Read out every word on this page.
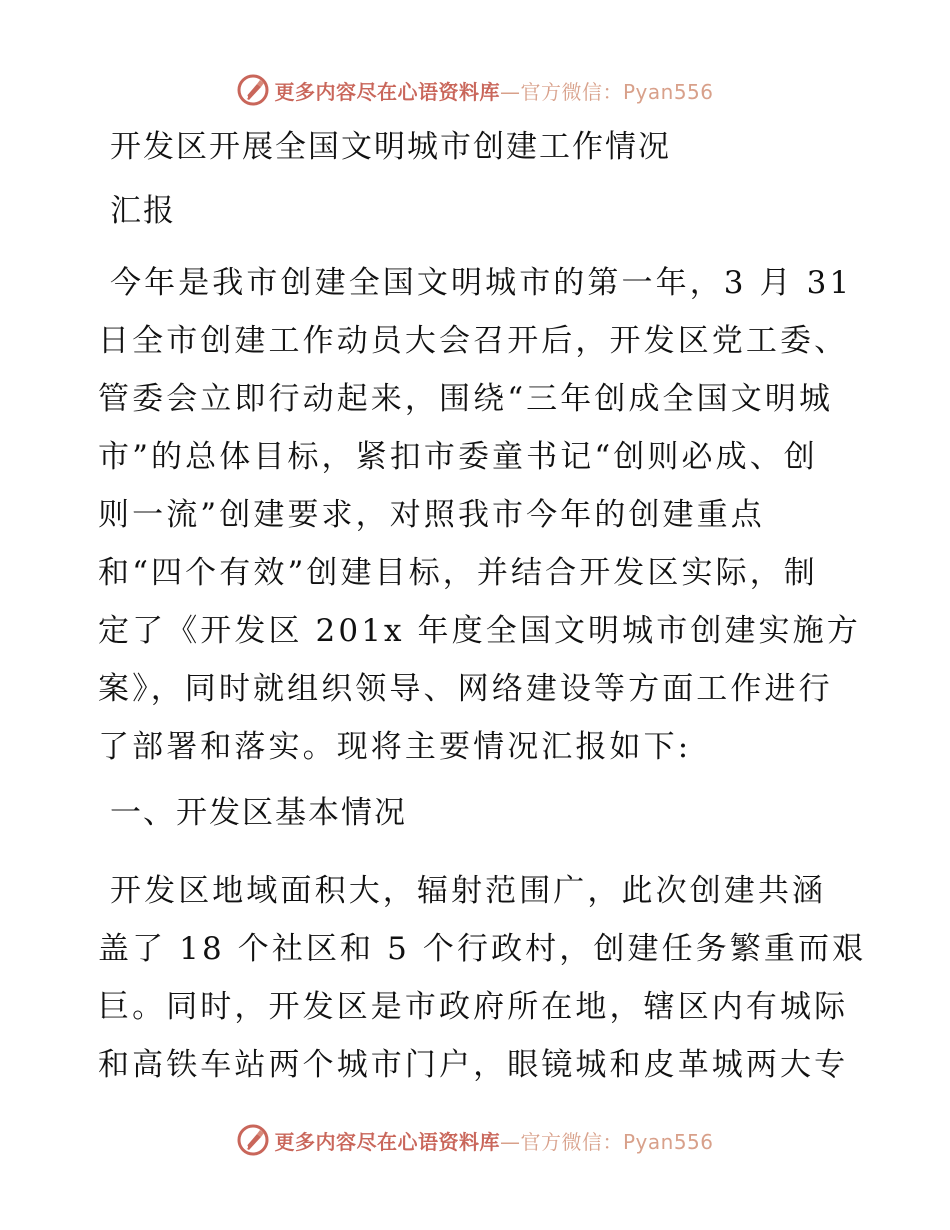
更多内容尽在心语资料库—官方微信：Pyan556
开发区开展全国文明城市创建工作情况
汇报
今年是我市创建全国文明城市的第一年，3 月 31
日全市创建工作动员大会召开后，开发区党工委、
管委会立即行动起来，围绕“三年创成全国文明城
市”的总体目标，紧扣市委童书记“创则必成、创
则一流”创建要求，对照我市今年的创建重点
和“四个有效”创建目标，并结合开发区实际，制
定了《开发区 201x 年度全国文明城市创建实施方
案》，同时就组织领导、网络建设等方面工作进行
了部署和落实。现将主要情况汇报如下:
一、开发区基本情况
开发区地域面积大，辐射范围广，此次创建共涵
盖了 18 个社区和 5 个行政村，创建任务繁重而艰
巨。同时，开发区是市政府所在地，辖区内有城际
和高铁车站两个城市门户，眼镜城和皮革城两大专
更多内容尽在心语资料库—官方微信：Pyan556
